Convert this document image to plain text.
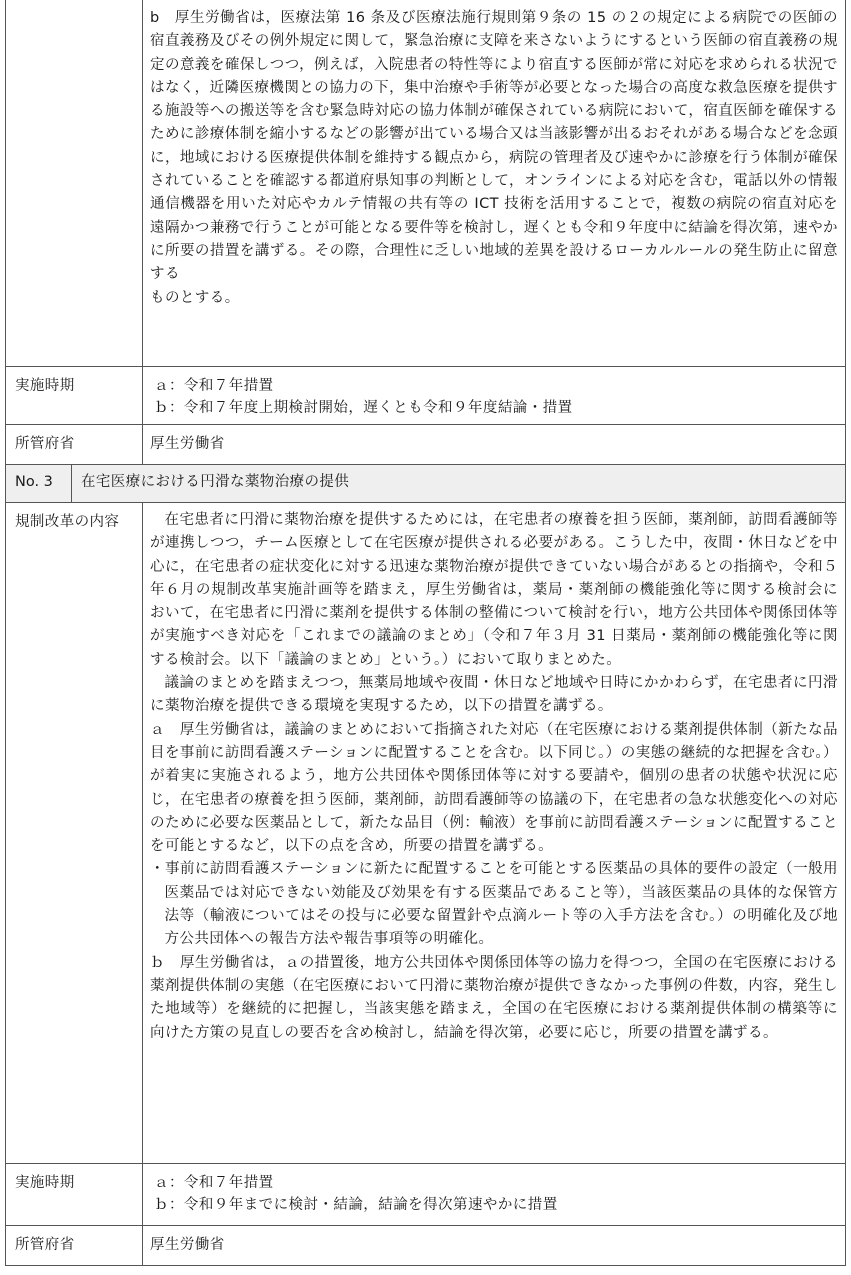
b　厚生労働省は，医療法第 16 条及び医療法施行規則第９条の 15 の２の規定による病院での医師の宿直義務及びその例外規定に関して，緊急治療に支障を来さないようにするという医師の宿直義務の規定の意義を確保しつつ，例えば，入院患者の特性等により宿直する医師が常に対応を求められる状況ではなく，近隣医療機関との協力の下，集中治療や手術等が必要となった場合の高度な救急医療を提供する施設等への搬送等を含む緊急時対応の協力体制が確保されている病院において，宿直医師を確保するために診療体制を縮小するなどの影響が出ている場合又は当該影響が出るおそれがある場合などを念頭に，地域における医療提供体制を維持する観点から，病院の管理者及び速やかに診療を行う体制が確保されていることを確認する都道府県知事の判断として，オンラインによる対応を含む，電話以外の情報通信機器を用いた対応やカルテ情報の共有等の ICT 技術を活用することで，複数の病院の宿直対応を遠隔かつ兼務で行うことが可能となる要件等を検討し，遅くとも令和９年度中に結論を得次第，速やかに所要の措置を講ずる。その際，合理性に乏しい地域的差異を設けるローカルルールの発生防止に留意する

ものとする。

実施時期	ａ：令和７年措置

ｂ：令和７年度上期検討開始，遅くとも令和９年度結論・措置

所管府省	厚生労働省

No. 3	在宅医療における円滑な薬物治療の提供
規制改革の内容	在宅患者に円滑に薬物治療を提供するためには，在宅患者の療養を担う医師，薬剤師，訪問看護師等が連携しつつ，チーム医療として在宅医療が提供される必要がある。こうした中，夜間・休日などを中心に，在宅患者の症状変化に対する迅速な薬物治療が提供できていない場合があるとの指摘や，令和５年６月の規制改革実施計画等を踏まえ，厚生労働省は，薬局・薬剤師の機能強化等に関する検討会において，在宅患者に円滑に薬剤を提供する体制の整備について検討を行い，地方公共団体や関係団体等が実施すべき対応を「これまでの議論のまとめ」（令和７年３月 31 日薬局・薬剤師の機能強化等に関する検討会。以下「議論のまとめ」という。）において取りまとめた。

議論のまとめを踏まえつつ，無薬局地域や夜間・休日など地域や日時にかかわらず，在宅患者に円滑に薬物治療を提供できる環境を実現するため，以下の措置を講ずる。

ａ　厚生労働省は，議論のまとめにおいて指摘された対応（在宅医療における薬剤提供体制（新たな品目を事前に訪問看護ステーションに配置することを含む。以下同じ。）の実態の継続的な把握を含む。）が着実に実施されるよう，地方公共団体や関係団体等に対する要請や，個別の患者の状態や状況に応じ，在宅患者の療養を担う医師，薬剤師，訪問看護師等の協議の下，在宅患者の急な状態変化への対応のために必要な医薬品として，新たな品目（例：輸液）を事前に訪問看護ステーションに配置することを可能とするなど，以下の点を含め，所要の措置を講ずる。

・事前に訪問看護ステーションに新たに配置することを可能とする医薬品の具体的要件の設定（一般用医薬品では対応できない効能及び効果を有する医薬品であること等），当該医薬品の具体的な保管方法等（輸液についてはその投与に必要な留置針や点滴ルート等の入手方法を含む。）の明確化及び地方公共団体への報告方法や報告事項等の明確化。

ｂ　厚生労働省は，ａの措置後，地方公共団体や関係団体等の協力を得つつ，全国の在宅医療における薬剤提供体制の実態（在宅医療において円滑に薬物治療が提供できなかった事例の件数，内容，発生した地域等）を継続的に把握し，当該実態を踏まえ，全国の在宅医療における薬剤提供体制の構築等に向けた方策の見直しの要否を含め検討し，結論を得次第，必要に応じ，所要の措置を講ずる。

実施時期	ａ：令和７年措置

ｂ：令和９年までに検討・結論，結論を得次第速やかに措置

所管府省	厚生労働省
